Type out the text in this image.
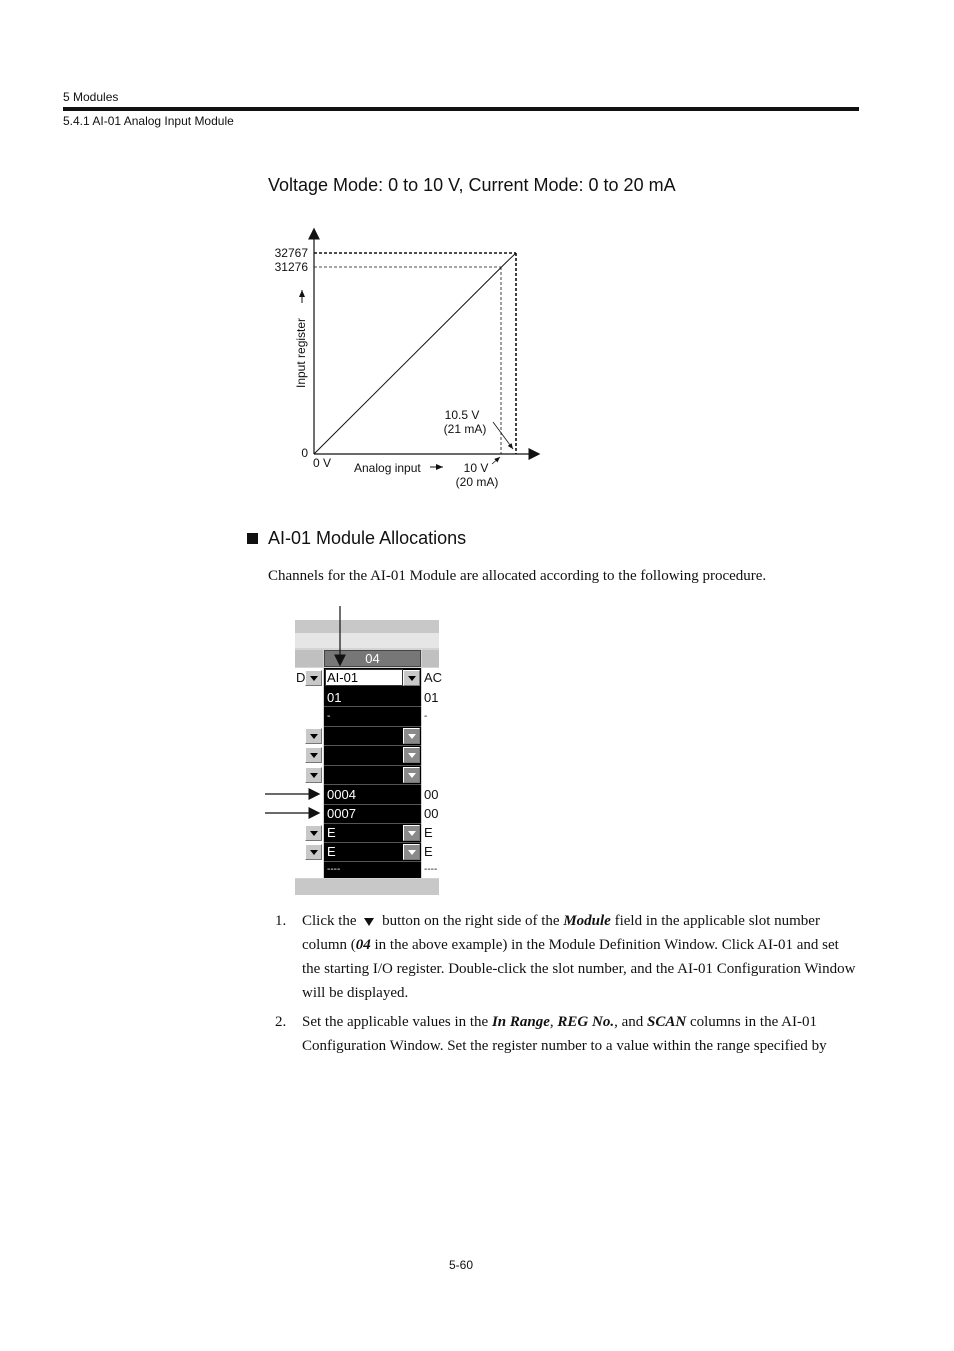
5 Modules
5.4.1 AI-01 Analog Input Module
Voltage Mode: 0 to 10 V, Current Mode: 0 to 20 mA
32767
31276
0
0 V
Input register
Analog input
10.5 V
(21 mA)
10 V
(20 mA)
AI-01 Module Allocations

Channels for the AI-01 Module are allocated according to the following procedure.

04
D AI-01
01
-
0004
0007
E
E
----
AC
01
-
00
00
E
E
----
1. Click the button on the right side of the Module field in the applicable slot number column (04 in the above example) in the Module Definition Window. Click AI-01 and set the starting I/O register. Double-click the slot number, and the AI-01 Configuration Window will be displayed.
2. Set the applicable values in the In Range, REG No., and SCAN columns in the AI-01 Configuration Window. Set the register number to a value within the range specified by
5-60
